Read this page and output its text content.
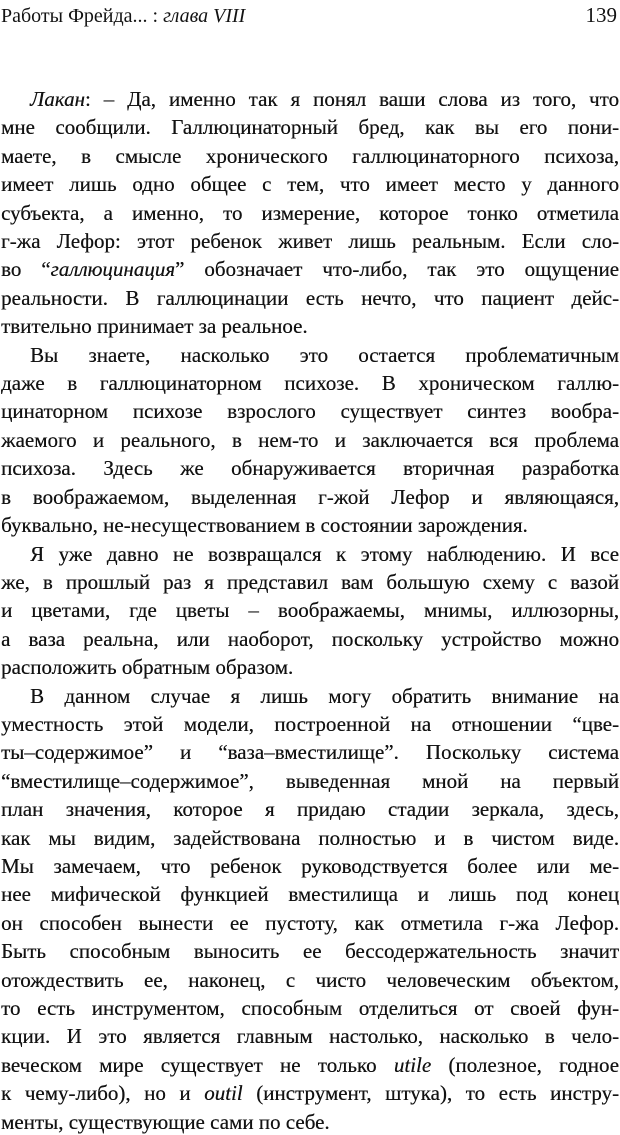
Работы Фрейда... : глава VIII	139
Лакан: – Да, именно так я понял ваши слова из того, что
мне сообщили. Галлюцинаторный бред, как вы его пони-
маете, в смысле хронического галлюцинаторного психоза,
имеет лишь одно общее с тем, что имеет место у данного
субъекта, а именно, то измерение, которое тонко отметила
г-жа Лефор: этот ребенок живет лишь реальным. Если сло-
во “галлюцинация” обозначает что-либо, так это ощущение
реальности. В галлюцинации есть нечто, что пациент дейс-
твительно принимает за реальное.
Вы знаете, насколько это остается проблематичным
даже в галлюцинаторном психозе. В хроническом галлю-
цинаторном психозе взрослого существует синтез вообра-
жаемого и реального, в нем-то и заключается вся проблема
психоза. Здесь же обнаруживается вторичная разработка
в воображаемом, выделенная г-жой Лефор и являющаяся,
буквально, не-несуществованием в состоянии зарождения.
Я уже давно не возвращался к этому наблюдению. И все
же, в прошлый раз я представил вам большую схему с вазой
и цветами, где цветы – воображаемы, мнимы, иллюзорны,
а ваза реальна, или наоборот, поскольку устройство можно
расположить обратным образом.
В данном случае я лишь могу обратить внимание на
уместность этой модели, построенной на отношении “цве-
ты–содержимое” и “ваза–вместилище”. Поскольку система
“вместилище–содержимое”, выведенная мной на первый
план значения, которое я придаю стадии зеркала, здесь,
как мы видим, задействована полностью и в чистом виде.
Мы замечаем, что ребенок руководствуется более или ме-
нее мифической функцией вместилища и лишь под конец
он способен вынести ее пустоту, как отметила г-жа Лефор.
Быть способным выносить ее бессодержательность значит
отождествить ее, наконец, с чисто человеческим объектом,
то есть инструментом, способным отделиться от своей фун-
кции. И это является главным настолько, насколько в чело-
веческом мире существует не только utile (полезное, годное
к чему-либо), но и outil (инструмент, штука), то есть инстру-
менты, существующие сами по себе.
